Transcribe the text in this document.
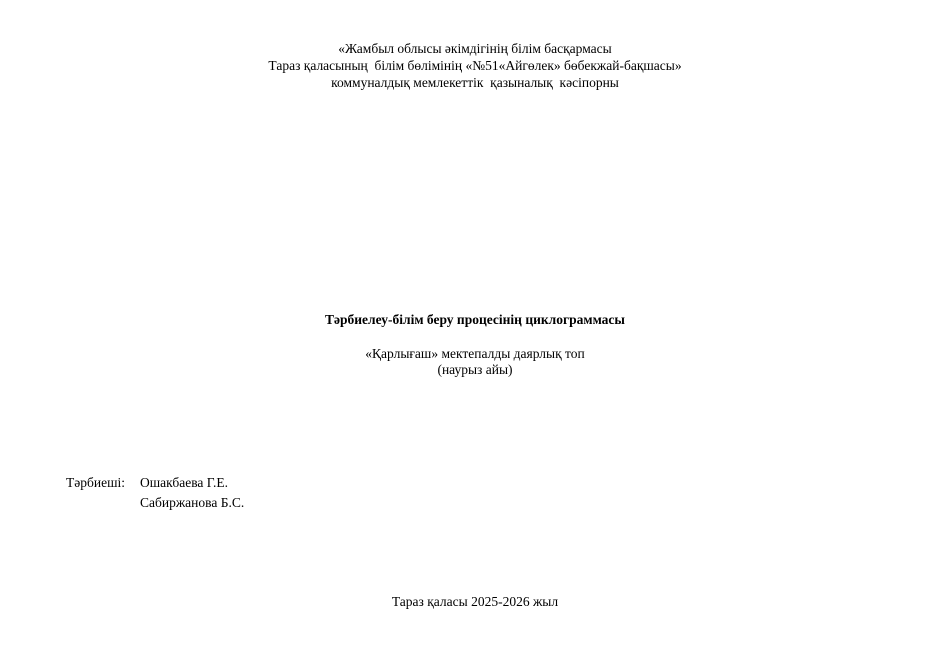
«Жамбыл облысы әкімдігінің білім басқармасы
Тараз қаласының  білім бөлімінің «№51«Айгөлек» бөбекжай-бақшасы»
коммуналдық мемлекеттік  қазыналық  кәсіпорны
Тәрбиелеу-білім беру процесінің циклограммасы
«Қарлығаш» мектепалды даярлық топ
(наурыз айы)
Тәрбиеші: Ошакбаева Г.Е.
Сабиржанова Б.С.
Тараз қаласы 2025-2026 жыл
